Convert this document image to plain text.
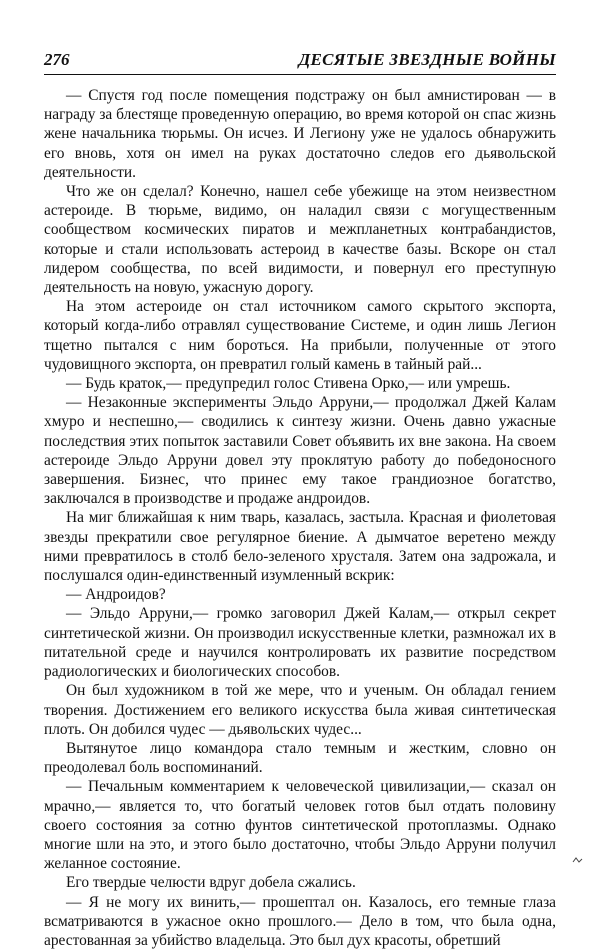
276	ДЕСЯТЫЕ ЗВЕЗДНЫЕ ВОЙНЫ

— Спустя год после помещения подстражу он был амнистирован — в награду за блестяще проведенную операцию, во время которой он спас жизнь жене начальника тюрьмы. Он исчез. И Легиону уже не удалось обнаружить его вновь, хотя он имел на руках достаточно следов его дьявольской деятельности.

Что же он сделал? Конечно, нашел себе убежище на этом неизвестном астероиде. В тюрьме, видимо, он наладил связи с могущественным сообществом космических пиратов и межпланетных контрабандистов, которые и стали использовать астероид в качестве базы. Вскоре он стал лидером сообщества, по всей видимости, и повернул его преступную деятельность на новую, ужасную дорогу.

На этом астероиде он стал источником самого скрытого экспорта, который когда-либо отравлял существование Системе, и один лишь Легион тщетно пытался с ним бороться. На прибыли, полученные от этого чудовищного экспорта, он превратил голый камень в тайный рай...

— Будь краток,— предупредил голос Стивена Орко,— или умрешь.

— Незаконные эксперименты Эльдо Арруни,— продолжал Джей Калам хмуро и неспешно,— сводились к синтезу жизни. Очень давно ужасные последствия этих попыток заставили Совет объявить их вне закона. На своем астероиде Эльдо Арруни довел эту проклятую работу до победоносного завершения. Бизнес, что принес ему такое грандиозное богатство, заключался в производстве и продаже андроидов.

На миг ближайшая к ним тварь, казалась, застыла. Красная и фиолетовая звезды прекратили свое регулярное биение. А дымчатое веретено между ними превратилось в столб бело-зеленого хрусталя. Затем она задрожала, и послушался один-единственный изумленный вскрик:

— Андроидов?

— Эльдо Арруни,— громко заговорил Джей Калам,— открыл секрет синтетической жизни. Он производил искусственные клетки, размножал их в питательной среде и научился контролировать их развитие посредством радиологических и биологических способов.

Он был художником в той же мере, что и ученым. Он обладал гением творения. Достижением его великого искусства была живая синтетическая плоть. Он добился чудес — дьявольских чудес...

Вытянутое лицо командора стало темным и жестким, словно он преодолевал боль воспоминаний.

— Печальным комментарием к человеческой цивилизации,— сказал он мрачно,— является то, что богатый человек готов был отдать половину своего состояния за сотню фунтов синтетической протоплазмы. Однако многие шли на это, и этого было достаточно, чтобы Эльдо Арруни получил желанное состояние.

Его твердые челюсти вдруг добела сжались.

— Я не могу их винить,— прошептал он. Казалось, его темные глаза всматриваются в ужасное окно прошлого.— Дело в том, что была одна, арестованная за убийство владельца. Это был дух красоты, обретший
